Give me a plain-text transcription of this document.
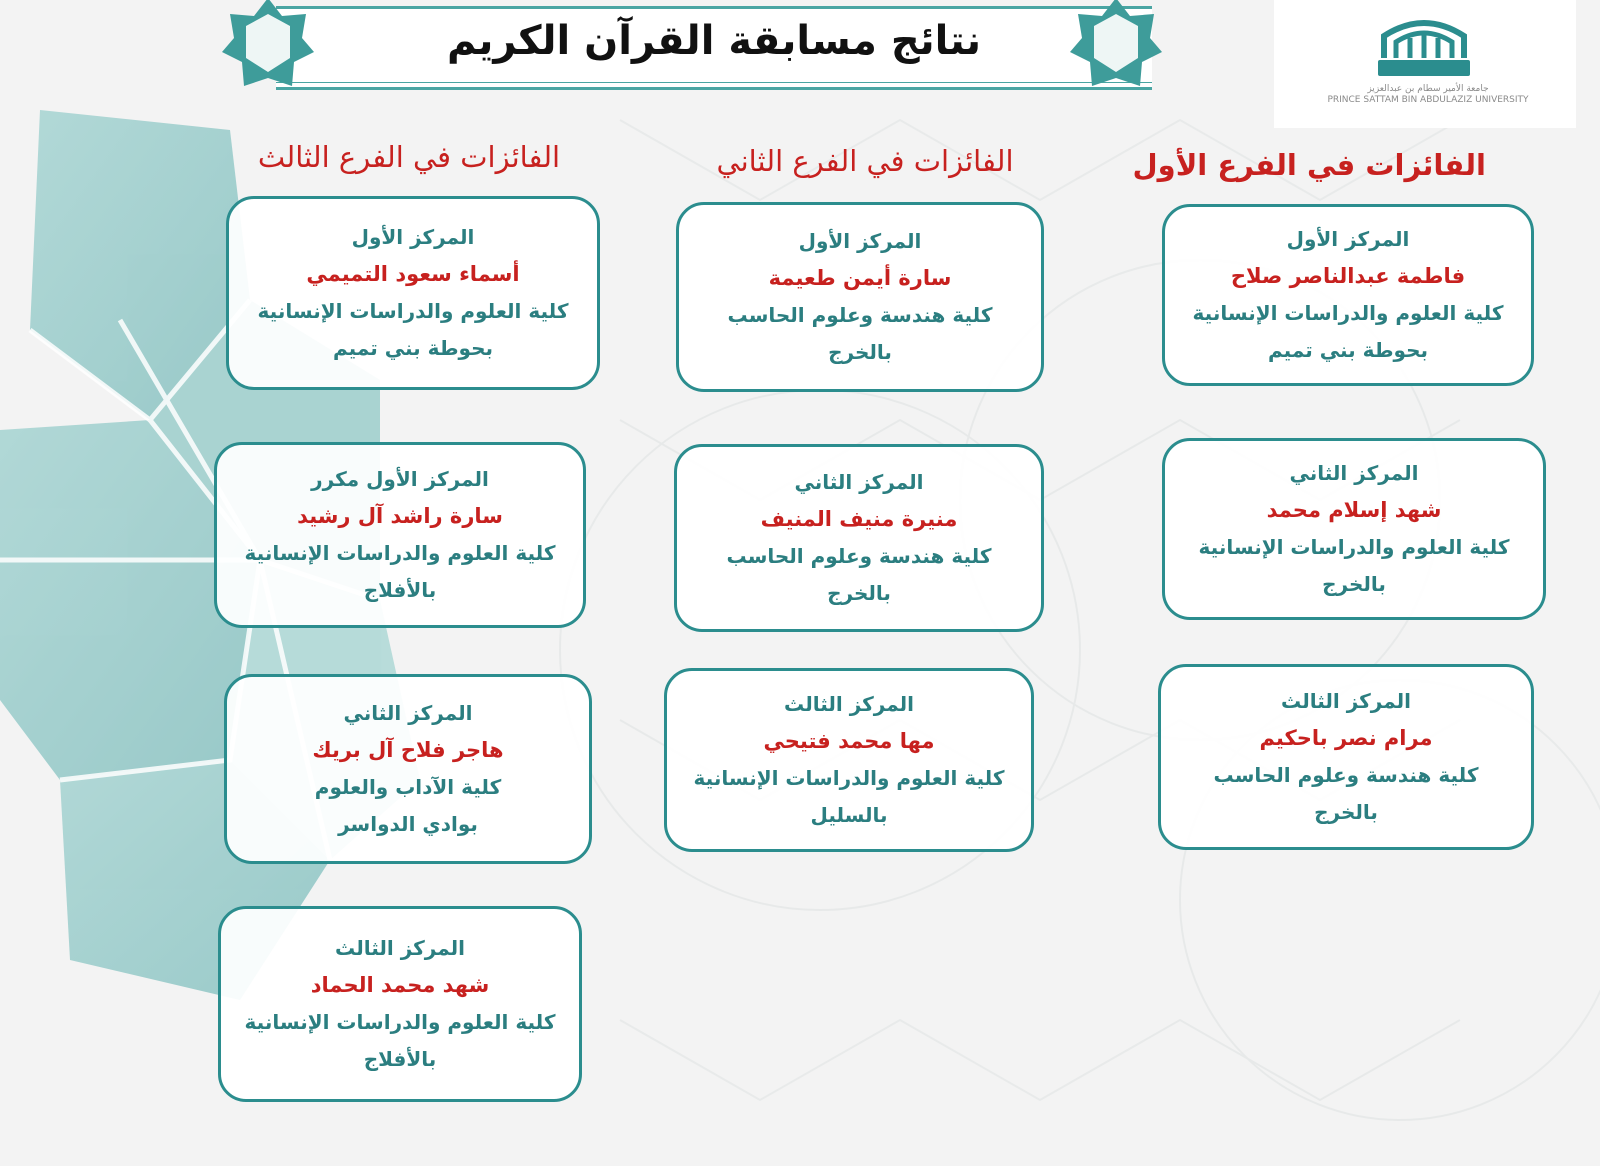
نتائج مسابقة القرآن الكريم
جامعة الأمير سطام بن عبدالعزيز
PRINCE SATTAM BIN ABDULAZIZ UNIVERSITY
الفائزات في الفرع الأول
الفائزات في الفرع الثاني
الفائزات في الفرع الثالث
المركز الأول
فاطمة عبدالناصر صلاح
كلية العلوم والدراسات الإنسانية
بحوطة بني تميم
المركز الثاني
شهد إسلام محمد
كلية العلوم والدراسات الإنسانية
بالخرج
المركز الثالث
مرام نصر باحكيم
كلية هندسة وعلوم الحاسب
بالخرج
المركز الأول
سارة أيمن طعيمة
كلية هندسة وعلوم الحاسب
بالخرج
المركز الثاني
منيرة منيف المنيف
كلية هندسة وعلوم الحاسب
بالخرج
المركز الثالث
مها محمد فتيحي
كلية العلوم والدراسات الإنسانية
بالسليل
المركز الأول
أسماء سعود التميمي
كلية العلوم والدراسات الإنسانية
بحوطة بني تميم
المركز الأول مكرر
سارة راشد آل رشيد
كلية العلوم والدراسات الإنسانية
بالأفلاج
المركز الثاني
هاجر فلاح آل بريك
كلية الآداب والعلوم
بوادي الدواسر
المركز الثالث
شهد محمد الحماد
كلية العلوم والدراسات الإنسانية
بالأفلاج
